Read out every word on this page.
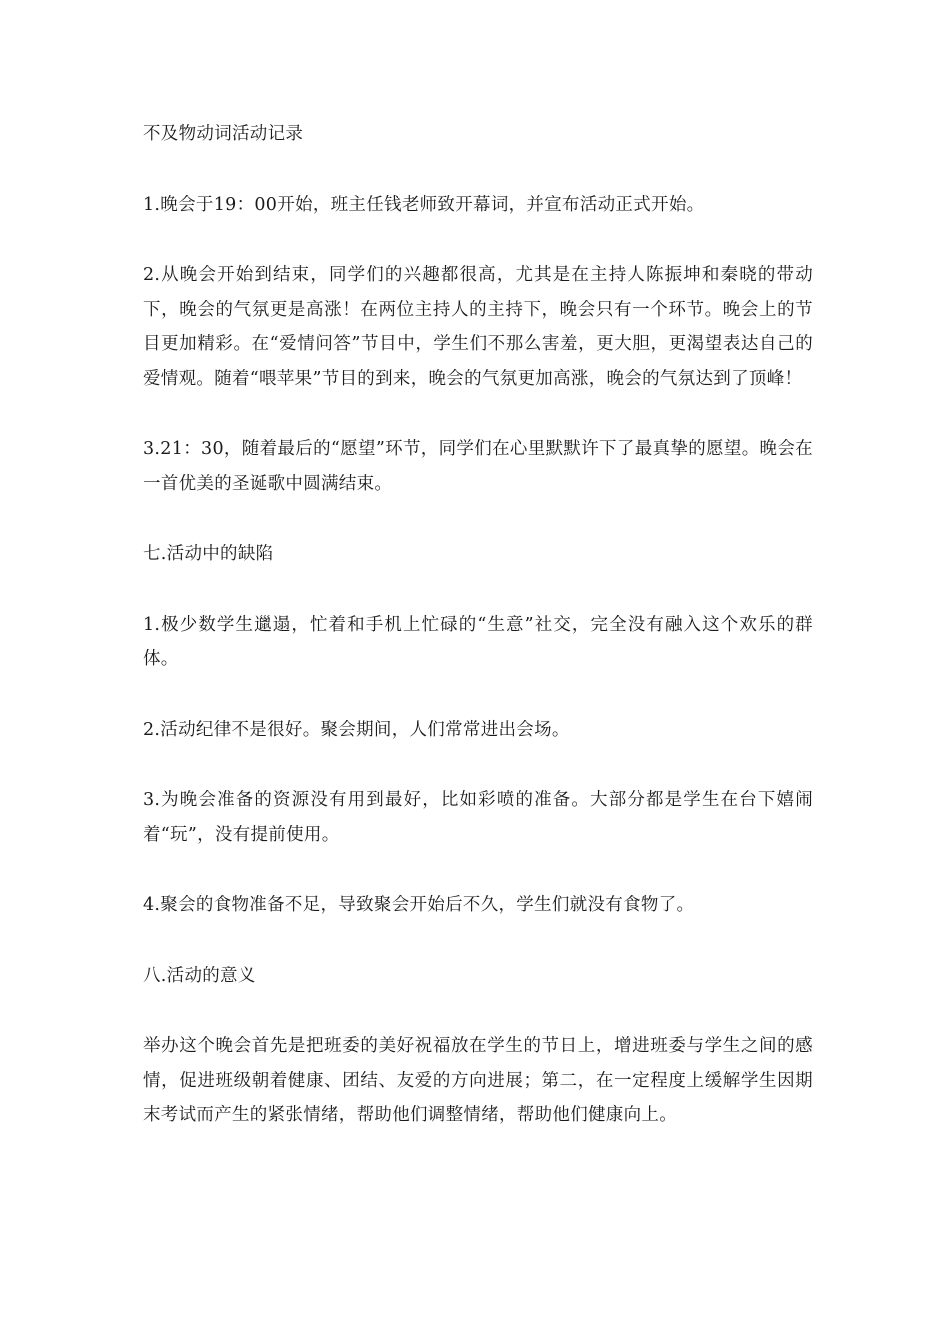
不及物动词活动记录

1.晚会于19：00开始，班主任钱老师致开幕词，并宣布活动正式开始。

2.从晚会开始到结束，同学们的兴趣都很高，尤其是在主持人陈振坤和秦晓的带动下，晚会的气氛更是高涨！在两位主持人的主持下，晚会只有一个环节。晚会上的节目更加精彩。在“爱情问答”节目中，学生们不那么害羞，更大胆，更渴望表达自己的爱情观。随着“喂苹果”节目的到来，晚会的气氛更加高涨，晚会的气氛达到了顶峰！

3.21：30，随着最后的“愿望”环节，同学们在心里默默许下了最真挚的愿望。晚会在一首优美的圣诞歌中圆满结束。

七.活动中的缺陷

1.极少数学生邋遢，忙着和手机上忙碌的“生意”社交，完全没有融入这个欢乐的群体。

2.活动纪律不是很好。聚会期间，人们常常进出会场。

3.为晚会准备的资源没有用到最好，比如彩喷的准备。大部分都是学生在台下嬉闹着“玩”，没有提前使用。

4.聚会的食物准备不足，导致聚会开始后不久，学生们就没有食物了。

八.活动的意义

举办这个晚会首先是把班委的美好祝福放在学生的节日上，增进班委与学生之间的感情，促进班级朝着健康、团结、友爱的方向进展；第二，在一定程度上缓解学生因期末考试而产生的紧张情绪，帮助他们调整情绪，帮助他们健康向上。
